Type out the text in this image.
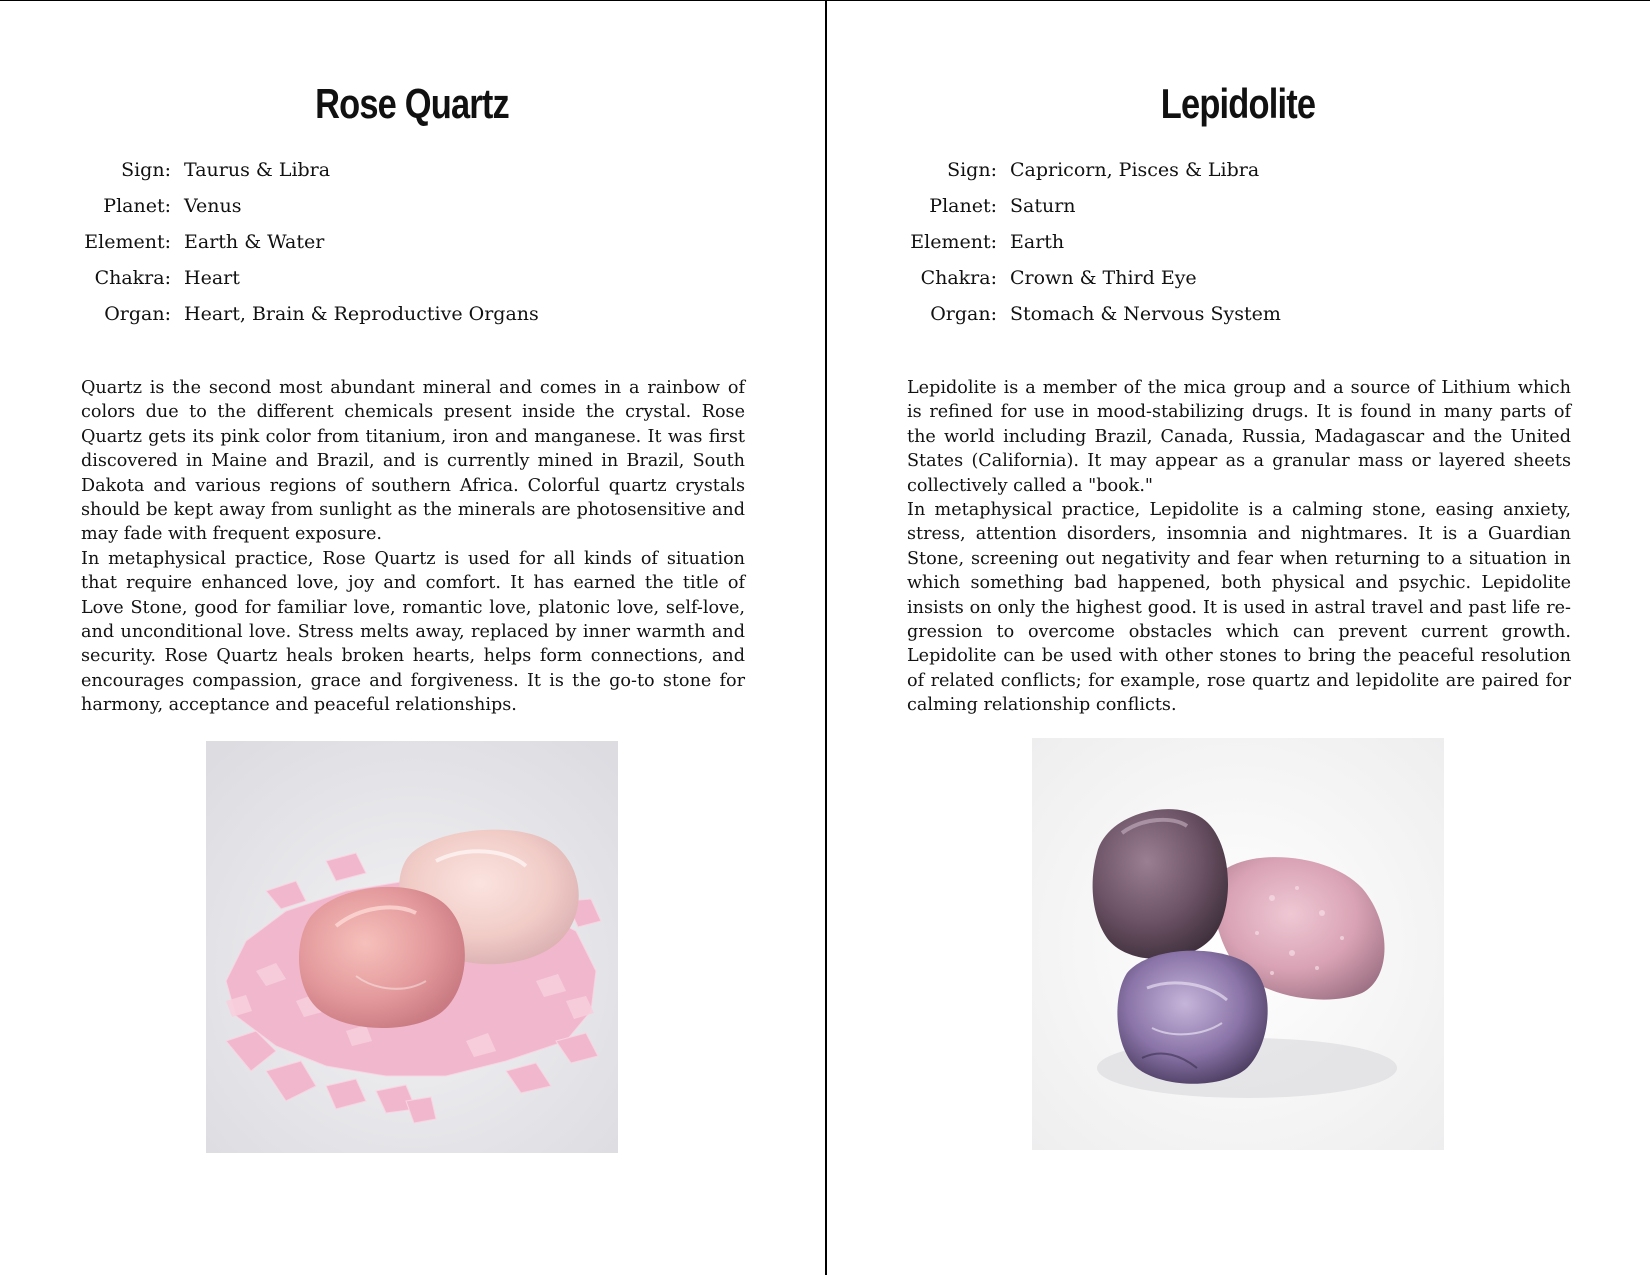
Rose Quartz
Sign: Taurus & Libra
Planet: Venus
Element: Earth & Water
Chakra: Heart
Organ: Heart, Brain & Reproductive Organs

Quartz is the second most abundant mineral and comes in a rainbow of colors due to the different chemicals present inside the crystal. Rose Quartz gets its pink color from titanium, iron and manganese. It was first discovered in Maine and Brazil, and is currently mined in Brazil, South Dakota and various regions of southern Africa. Colorful quartz crystals should be kept away from sunlight as the minerals are photosensitive and may fade with frequent exposure.

In metaphysical practice, Rose Quartz is used for all kinds of situation that require enhanced love, joy and comfort. It has earned the title of Love Stone, good for familiar love, romantic love, platonic love, self-love, and unconditional love. Stress melts away, replaced by inner warmth and security. Rose Quartz heals broken hearts, helps form connections, and encourages compassion, grace and forgiveness. It is the go-to stone for harmony, acceptance and peaceful relationships.

Lepidolite
Sign: Capricorn, Pisces & Libra
Planet: Saturn
Element: Earth
Chakra: Crown & Third Eye
Organ: Stomach & Nervous System

Lepidolite is a member of the mica group and a source of Lithium which is refined for use in mood-stabilizing drugs. It is found in many parts of the world including Brazil, Canada, Russia, Madagascar and the United States (California). It may appear as a granular mass or layered sheets collectively called a "book."

In metaphysical practice, Lepidolite is a calming stone, easing anxiety, stress, attention disorders, insomnia and nightmares. It is a Guardian Stone, screening out negativity and fear when returning to a situation in which something bad happened, both physical and psychic. Lepidolite insists on only the highest good. It is used in astral travel and past life re-gression to overcome obstacles which can prevent current growth. Lepidolite can be used with other stones to bring the peaceful resolution of related conflicts; for example, rose quartz and lepidolite are paired for calming relationship conflicts.
